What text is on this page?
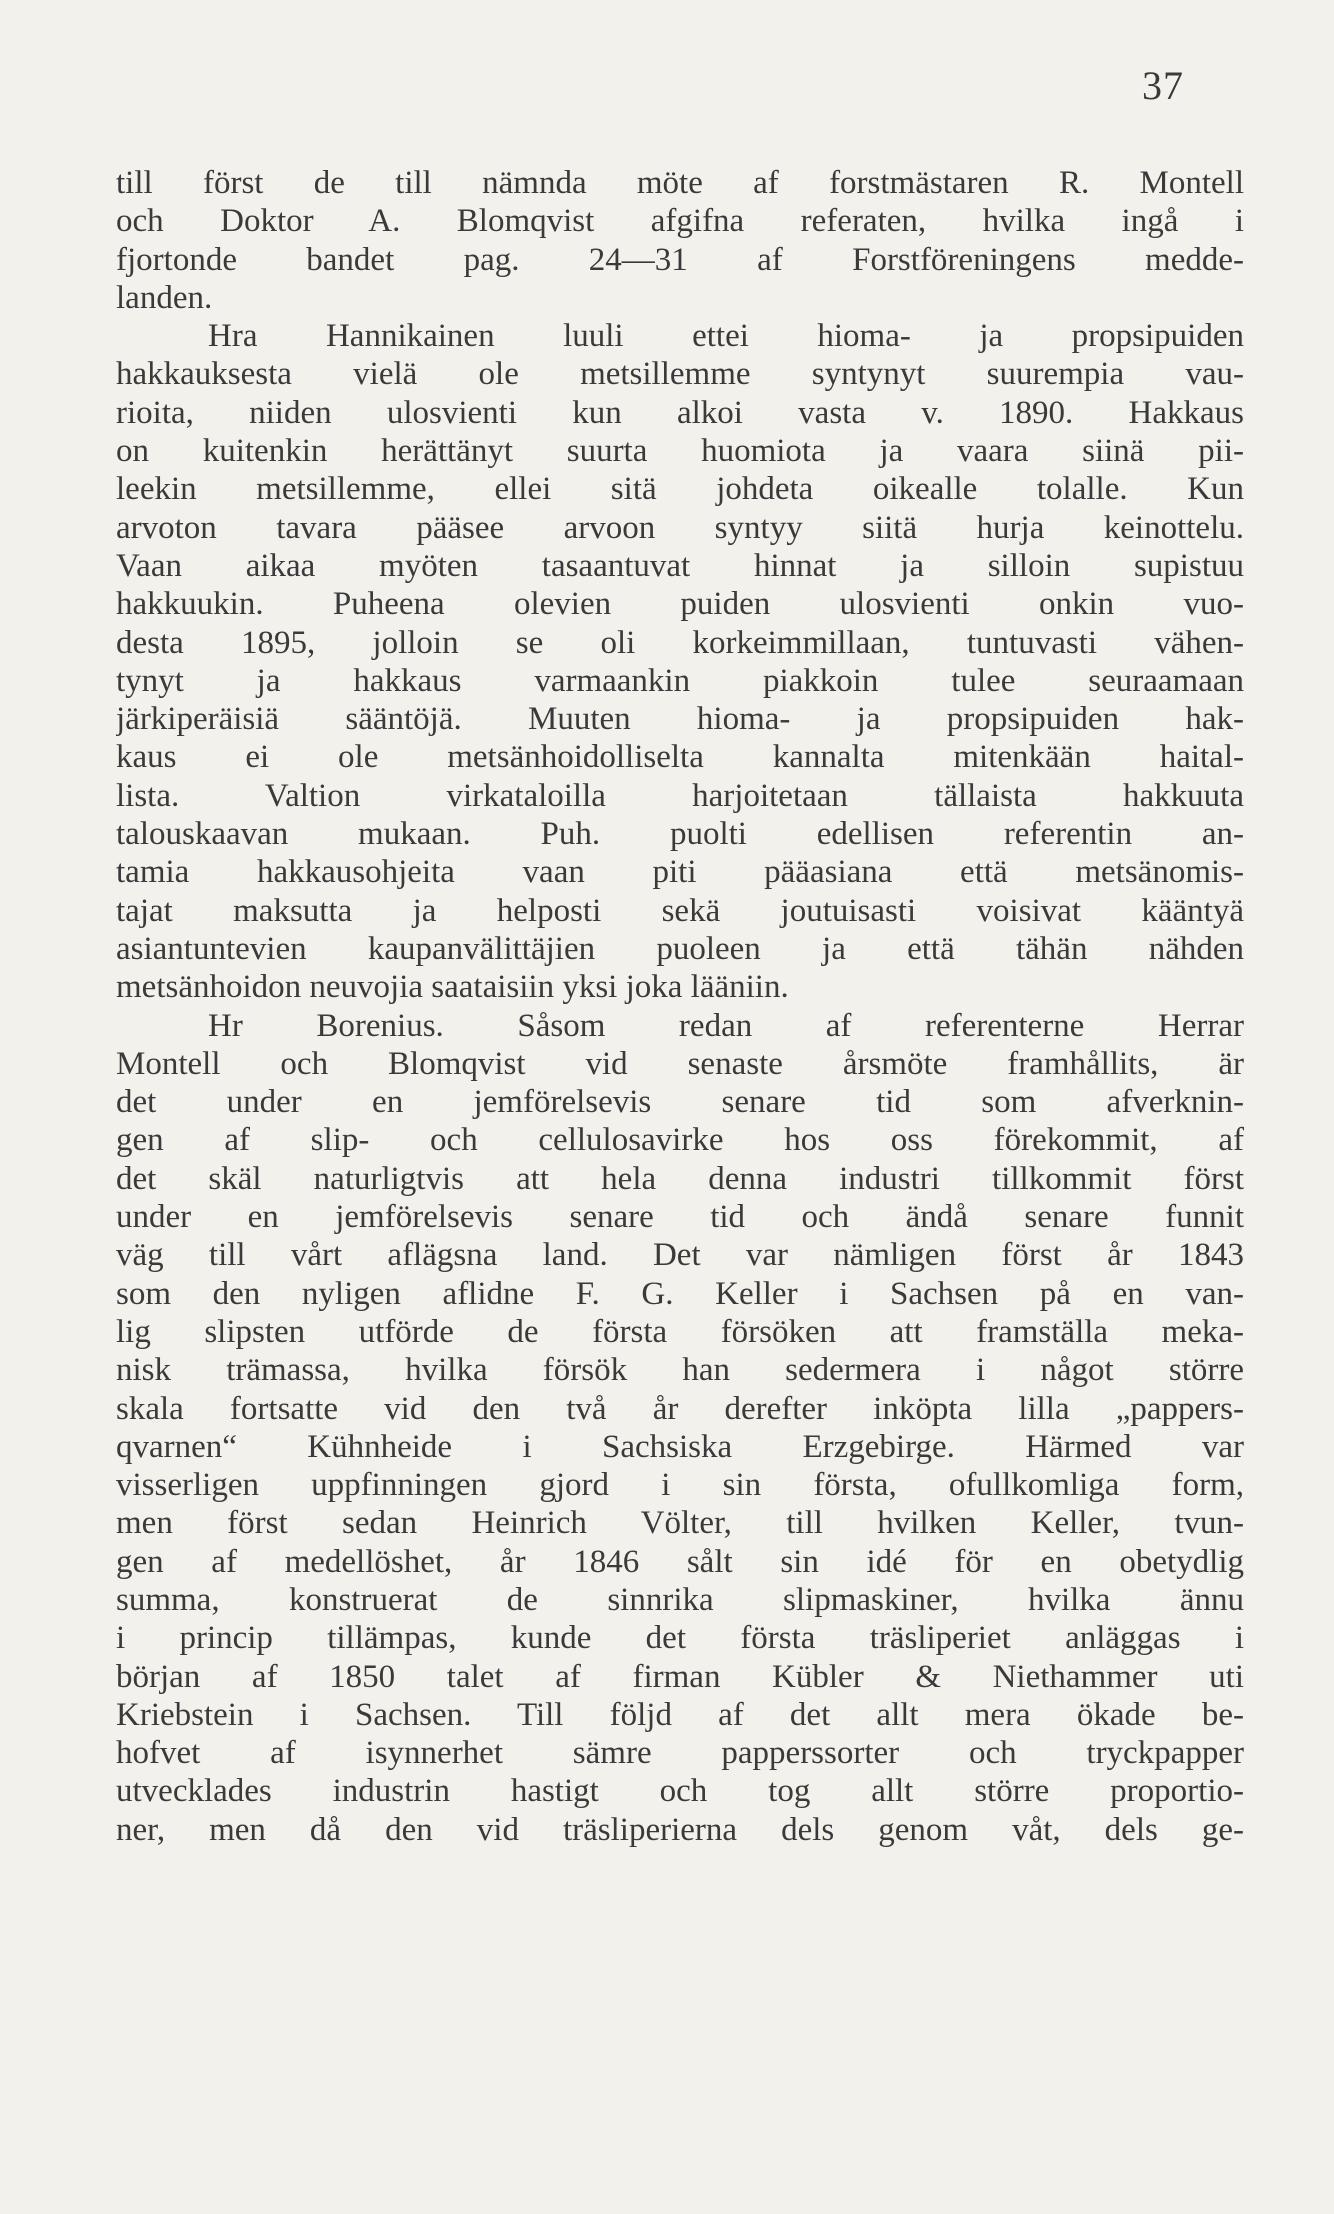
37
till först de till nämnda möte af forstmästaren R. Montell
och Doktor A. Blomqvist afgifna referaten, hvilka ingå i
fjortonde bandet pag. 24—31 af Forstföreningens medde-
landen.
Hra Hannikainen luuli ettei hioma- ja propsipuiden
hakkauksesta vielä ole metsillemme syntynyt suurempia vau-
rioita, niiden ulosvienti kun alkoi vasta v. 1890. Hakkaus
on kuitenkin herättänyt suurta huomiota ja vaara siinä pii-
leekin metsillemme, ellei sitä johdeta oikealle tolalle. Kun
arvoton tavara pääsee arvoon syntyy siitä hurja keinottelu.
Vaan aikaa myöten tasaantuvat hinnat ja silloin supistuu
hakkuukin. Puheena olevien puiden ulosvienti onkin vuo-
desta 1895, jolloin se oli korkeimmillaan, tuntuvasti vähen-
tynyt ja hakkaus varmaankin piakkoin tulee seuraamaan
järkiperäisiä sääntöjä. Muuten hioma- ja propsipuiden hak-
kaus ei ole metsänhoidolliselta kannalta mitenkään haital-
lista. Valtion virkataloilla harjoitetaan tällaista hakkuuta
talouskaavan mukaan. Puh. puolti edellisen referentin an-
tamia hakkausohjeita vaan piti pääasiana että metsänomis-
tajat maksutta ja helposti sekä joutuisasti voisivat kääntyä
asiantuntevien kaupanvälittäjien puoleen ja että tähän nähden
metsänhoidon neuvojia saataisiin yksi joka lääniin.
Hr Borenius. Såsom redan af referenterne Herrar
Montell och Blomqvist vid senaste årsmöte framhållits, är
det under en jemförelsevis senare tid som afverknin-
gen af slip- och cellulosavirke hos oss förekommit, af
det skäl naturligtvis att hela denna industri tillkommit först
under en jemförelsevis senare tid och ändå senare funnit
väg till vårt aflägsna land. Det var nämligen först år 1843
som den nyligen aflidne F. G. Keller i Sachsen på en van-
lig slipsten utförde de första försöken att framställa meka-
nisk trämassa, hvilka försök han sedermera i något större
skala fortsatte vid den två år derefter inköpta lilla „pappers-
qvarnen“ Kühnheide i Sachsiska Erzgebirge. Härmed var
visserligen uppfinningen gjord i sin första, ofullkomliga form,
men först sedan Heinrich Völter, till hvilken Keller, tvun-
gen af medellöshet, år 1846 sålt sin idé för en obetydlig
summa, konstruerat de sinnrika slipmaskiner, hvilka ännu
i princip tillämpas, kunde det första träsliperiet anläggas i
början af 1850 talet af firman Kübler & Niethammer uti
Kriebstein i Sachsen. Till följd af det allt mera ökade be-
hofvet af isynnerhet sämre papperssorter och tryckpapper
utvecklades industrin hastigt och tog allt större proportio-
ner, men då den vid träsliperierna dels genom våt, dels ge-
